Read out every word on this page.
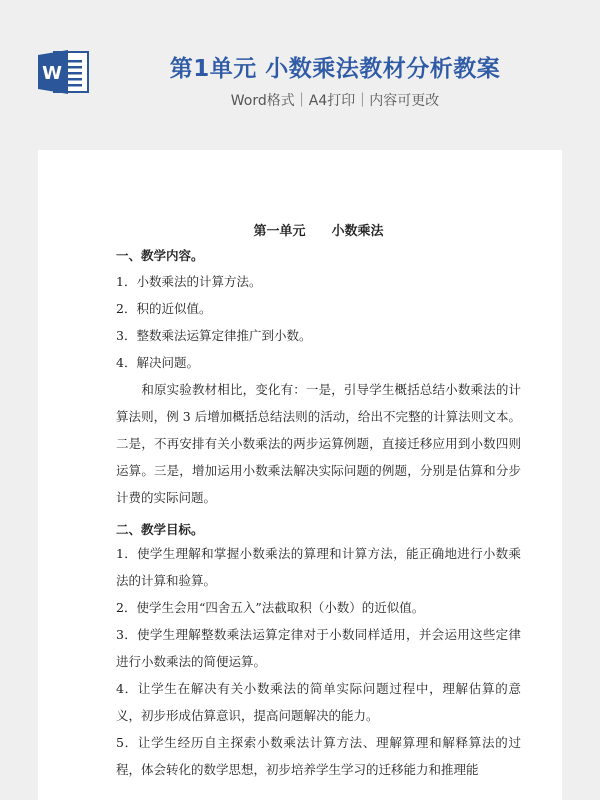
W	第1单元 小数乘法教材分析教案
Word格式｜A4打印｜内容可更改
第一单元　　小数乘法
一、教学内容。
1．小数乘法的计算方法。
2．积的近似值。
3．整数乘法运算定律推广到小数。
4．解决问题。
　　和原实验教材相比，变化有：一是，引导学生概括总结小数乘法的计算法则，例 3 后增加概括总结法则的活动，给出不完整的计算法则文本。二是，不再安排有关小数乘法的两步运算例题，直接迁移应用到小数四则运算。三是，增加运用小数乘法解决实际问题的例题，分别是估算和分步计费的实际问题。
二、教学目标。
1．使学生理解和掌握小数乘法的算理和计算方法，能正确地进行小数乘法的计算和验算。
2．使学生会用“四舍五入”法截取积（小数）的近似值。
3．使学生理解整数乘法运算定律对于小数同样适用，并会运用这些定律进行小数乘法的简便运算。
4．让学生在解决有关小数乘法的简单实际问题过程中，理解估算的意义，初步形成估算意识，提高问题解决的能力。
5．让学生经历自主探索小数乘法计算方法、理解算理和解释算法的过程，体会转化的数学思想，初步培养学生学习的迁移能力和推理能
